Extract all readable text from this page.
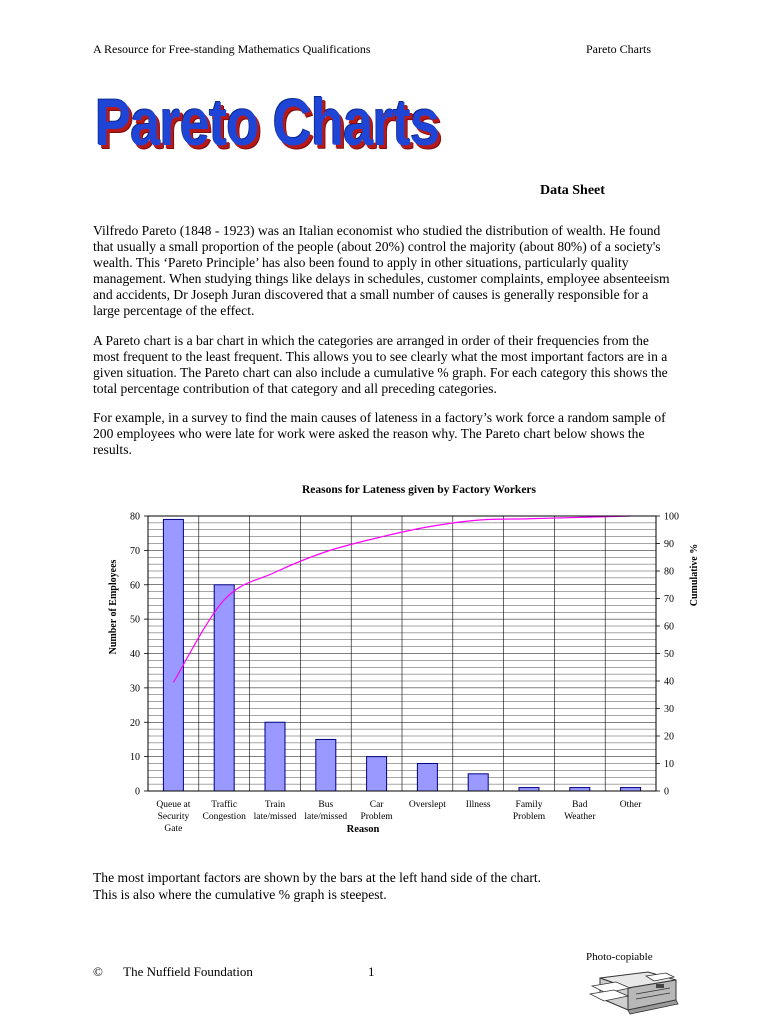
A Resource for Free-standing Mathematics Qualifications	Pareto Charts
Pareto Charts
Data Sheet

Vilfredo Pareto (1848 - 1923) was an Italian economist who studied the distribution of wealth. He found that usually a small proportion of the people (about 20%) control the majority (about 80%) of a society's wealth. This ‘Pareto Principle’ has also been found to apply in other situations, particularly quality management. When studying things like delays in schedules, customer complaints, employee absenteeism and accidents, Dr Joseph Juran discovered that a small number of causes is generally responsible for a large percentage of the effect.

A Pareto chart is a bar chart in which the categories are arranged in order of their frequencies from the most frequent to the least frequent. This allows you to see clearly what the most important factors are in a given situation. The Pareto chart can also include a cumulative % graph. For each category this shows the total percentage contribution of that category and all preceding categories.

For example, in a survey to find the main causes of lateness in a factory’s work force a random sample of 200 employees who were late for work were asked the reason why. The Pareto chart below shows the results.

0
10
20
30
40
50
60
70
80
0
10
20
30
40
50
60
70
80
90
100
Queue at
Security
Gate
Traffic
Congestion
Train
late/missed
Bus
late/missed
Car
Problem
Overslept Illness	Family
Problem
Bad
Weather
Other
Reasons for Lateness given by Factory Workers
Reason
Number of Employees	Cumulative %
The most important factors are shown by the bars at the left hand side of the chart.
This is also where the cumulative % graph is steepest.
© The Nuffield Foundation	1
Photo-copiable
